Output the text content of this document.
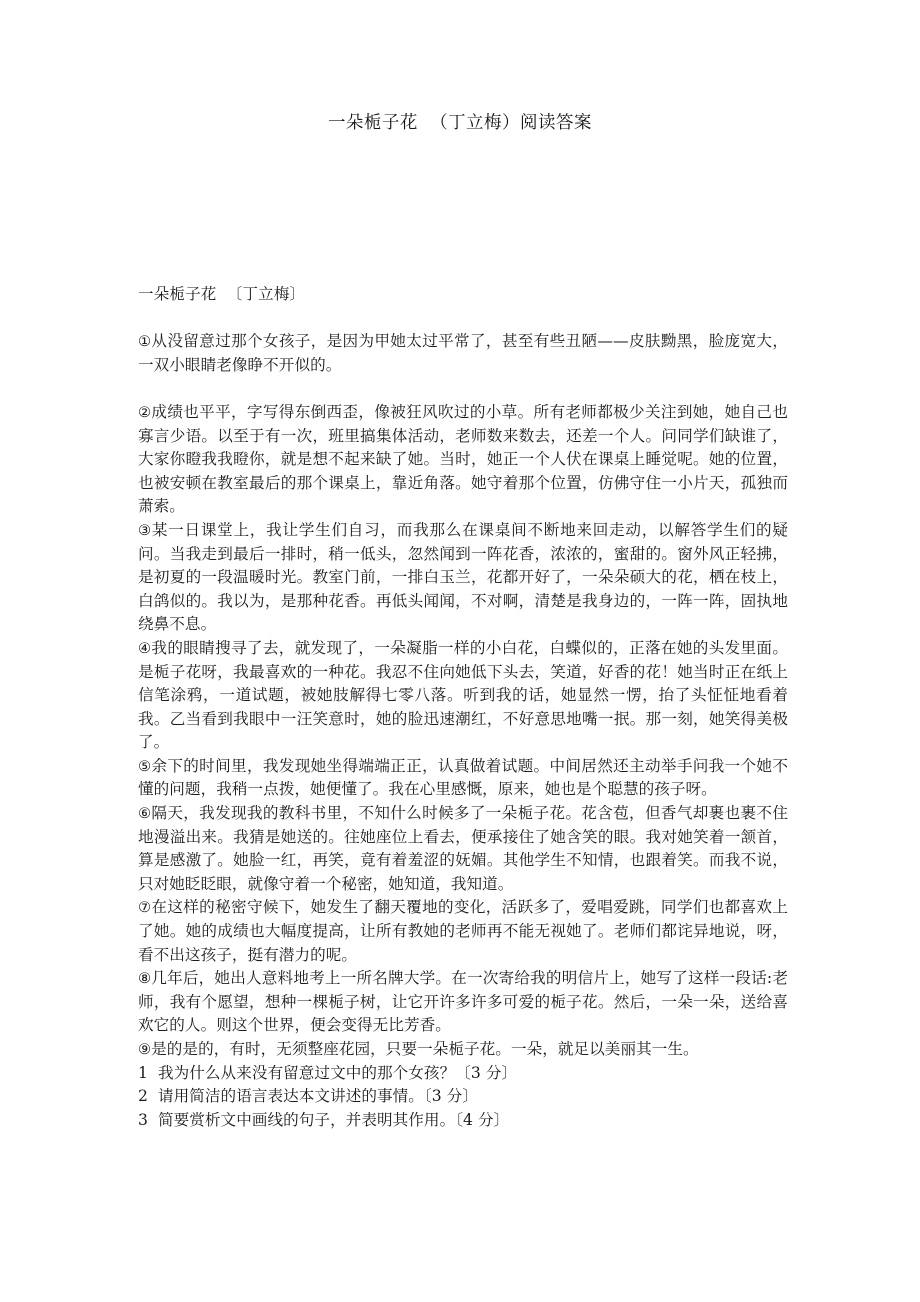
一朵栀子花  （丁立梅）阅读答案
一朵栀子花  〔丁立梅〕

①从没留意过那个女孩子，是因为甲她太过平常了，甚至有些丑陋——皮肤黝黑，脸庞宽大，一双小眼睛老像睁不开似的。

②成绩也平平，字写得东倒西歪，像被狂风吹过的小草。所有老师都极少关注到她，她自己也寡言少语。以至于有一次，班里搞集体活动，老师数来数去，还差一个人。问同学们缺谁了，大家你瞪我我瞪你，就是想不起来缺了她。当时，她正一个人伏在课桌上睡觉呢。她的位置，也被安顿在教室最后的那个课桌上，靠近角落。她守着那个位置，仿佛守住一小片天，孤独而萧索。

③某一日课堂上，我让学生们自习，而我那么在课桌间不断地来回走动，以解答学生们的疑问。当我走到最后一排时，稍一低头，忽然闻到一阵花香，浓浓的，蜜甜的。窗外风正轻拂，是初夏的一段温暖时光。教室门前，一排白玉兰，花都开好了，一朵朵硕大的花，栖在枝上，白鸽似的。我以为，是那种花香。再低头闻闻，不对啊，清楚是我身边的，一阵一阵，固执地绕鼻不息。

④我的眼睛搜寻了去，就发现了，一朵凝脂一样的小白花，白蝶似的，正落在她的头发里面。是栀子花呀，我最喜欢的一种花。我忍不住向她低下头去，笑道，好香的花！她当时正在纸上信笔涂鸦，一道试题，被她肢解得七零八落。听到我的话，她显然一愣，抬了头怔怔地看着我。乙当看到我眼中一汪笑意时，她的脸迅速潮红，不好意思地嘴一抿。那一刻，她笑得美极了。

⑤余下的时间里，我发现她坐得端端正正，认真做着试题。中间居然还主动举手问我一个她不懂的问题，我稍一点拨，她便懂了。我在心里感慨，原来，她也是个聪慧的孩子呀。

⑥隔天，我发现我的教科书里，不知什么时候多了一朵栀子花。花含苞，但香气却裹也裹不住地漫溢出来。我猜是她送的。往她座位上看去，便承接住了她含笑的眼。我对她笑着一颔首，算是感激了。她脸一红，再笑，竟有着羞涩的妩媚。其他学生不知情，也跟着笑。而我不说，只对她眨眨眼，就像守着一个秘密，她知道，我知道。

⑦在这样的秘密守候下，她发生了翻天覆地的变化，活跃多了，爱唱爱跳，同学们也都喜欢上了她。她的成绩也大幅度提高，让所有教她的老师再不能无视她了。老师们都诧异地说，呀，看不出这孩子，挺有潜力的呢。

⑧几年后，她出人意料地考上一所名牌大学。在一次寄给我的明信片上，她写了这样一段话:老师，我有个愿望，想种一棵栀子树，让它开许多许多可爱的栀子花。然后，一朵一朵，送给喜欢它的人。则这个世界，便会变得无比芳香。

⑨是的是的，有时，无须整座花园，只要一朵栀子花。一朵，就足以美丽其一生。

1  我为什么从来没有留意过文中的那个女孩？〔3 分〕

2  请用简洁的语言表达本文讲述的事情。〔3 分〕

3  简要赏析文中画线的句子，并表明其作用。〔4 分〕
